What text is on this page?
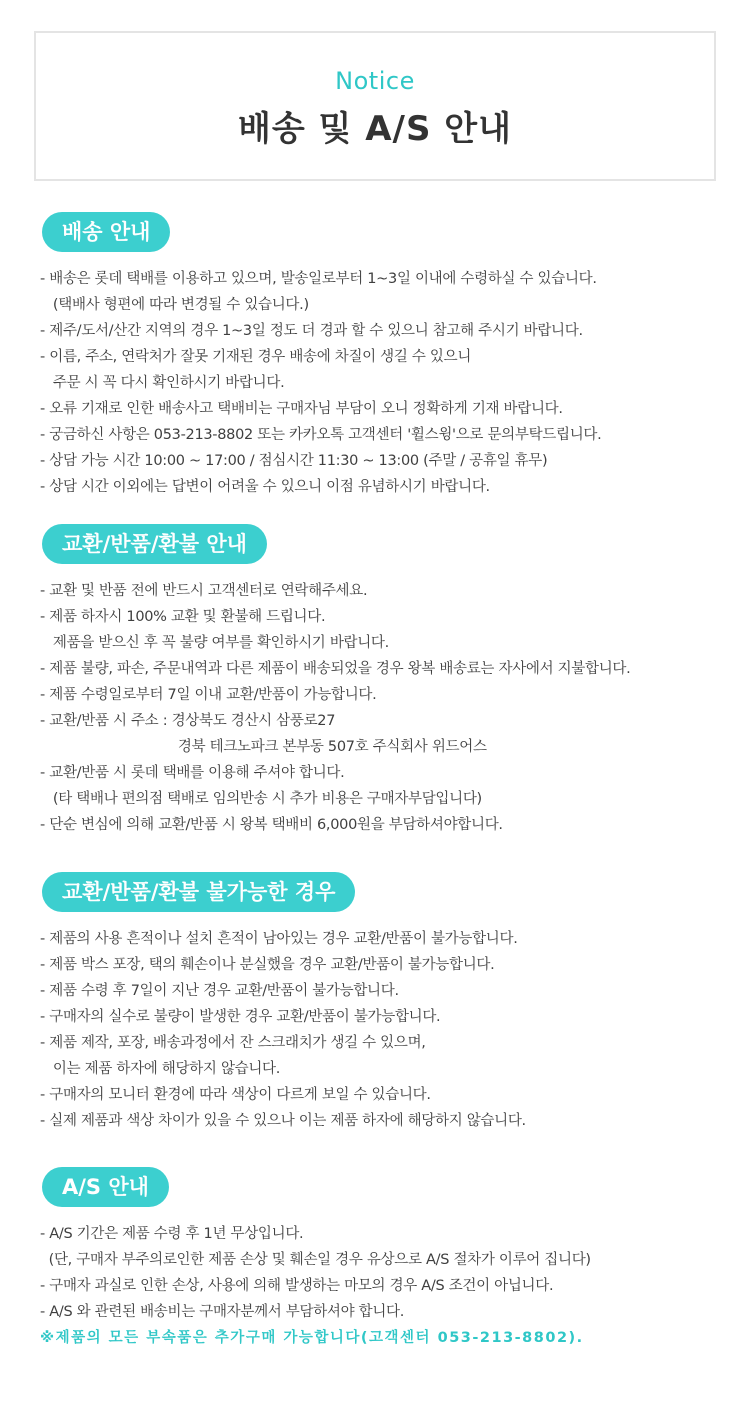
Notice
배송 및 A/S 안내
배송 안내
- 배송은 롯데 택배를 이용하고 있으며, 발송일로부터 1~3일 이내에 수령하실 수 있습니다.
(택배사 형편에 따라 변경될 수 있습니다.)
- 제주/도서/산간 지역의 경우 1~3일 정도 더 경과 할 수 있으니 참고해 주시기 바랍니다.
- 이름, 주소, 연락처가 잘못 기재된 경우 배송에 차질이 생길 수 있으니
주문 시 꼭 다시 확인하시기 바랍니다.
- 오류 기재로 인한 배송사고 택배비는 구매자님 부담이 오니 정확하게 기재 바랍니다.
- 궁금하신 사항은 053-213-8802 또는 카카오톡 고객센터 '휠스윙'으로 문의부탁드립니다.
- 상담 가능 시간 10:00 ~ 17:00 / 점심시간 11:30 ~ 13:00 (주말 / 공휴일 휴무)
- 상담 시간 이외에는 답변이 어려울 수 있으니 이점 유념하시기 바랍니다.
교환/반품/환불 안내
- 교환 및 반품 전에 반드시 고객센터로 연락해주세요.
- 제품 하자시 100% 교환 및 환불해 드립니다.
제품을 받으신 후 꼭 불량 여부를 확인하시기 바랍니다.
- 제품 불량, 파손, 주문내역과 다른 제품이 배송되었을 경우 왕복 배송료는 자사에서 지불합니다.
- 제품 수령일로부터 7일 이내 교환/반품이 가능합니다.
- 교환/반품 시 주소 : 경상북도 경산시 삼풍로27
경북 테크노파크 본부동 507호 주식회사 위드어스
- 교환/반품 시 롯데 택배를 이용해 주셔야 합니다.
(타 택배나 편의점 택배로 임의반송 시 추가 비용은 구매자부담입니다)
- 단순 변심에 의해 교환/반품 시 왕복 택배비 6,000원을 부담하셔야합니다.
교환/반품/환불 불가능한 경우
- 제품의 사용 흔적이나 설치 흔적이 남아있는 경우 교환/반품이 불가능합니다.
- 제품 박스 포장, 택의 훼손이나 분실했을 경우 교환/반품이 불가능합니다.
- 제품 수령 후 7일이 지난 경우 교환/반품이 불가능합니다.
- 구매자의 실수로 불량이 발생한 경우 교환/반품이 불가능합니다.
- 제품 제작, 포장, 배송과정에서 잔 스크래치가 생길 수 있으며,
이는 제품 하자에 해당하지 않습니다.
- 구매자의 모니터 환경에 따라 색상이 다르게 보일 수 있습니다.
- 실제 제품과 색상 차이가 있을 수 있으나 이는 제품 하자에 해당하지 않습니다.
A/S 안내
- A/S 기간은 제품 수령 후 1년 무상입니다.
(단, 구매자 부주의로인한 제품 손상 및 훼손일 경우 유상으로 A/S 절차가 이루어 집니다)
- 구매자 과실로 인한 손상, 사용에 의해 발생하는 마모의 경우 A/S 조건이 아닙니다.
- A/S 와 관련된 배송비는 구매자분께서 부담하셔야 합니다.
※제품의 모든 부속품은 추가구매 가능합니다(고객센터 053-213-8802).
